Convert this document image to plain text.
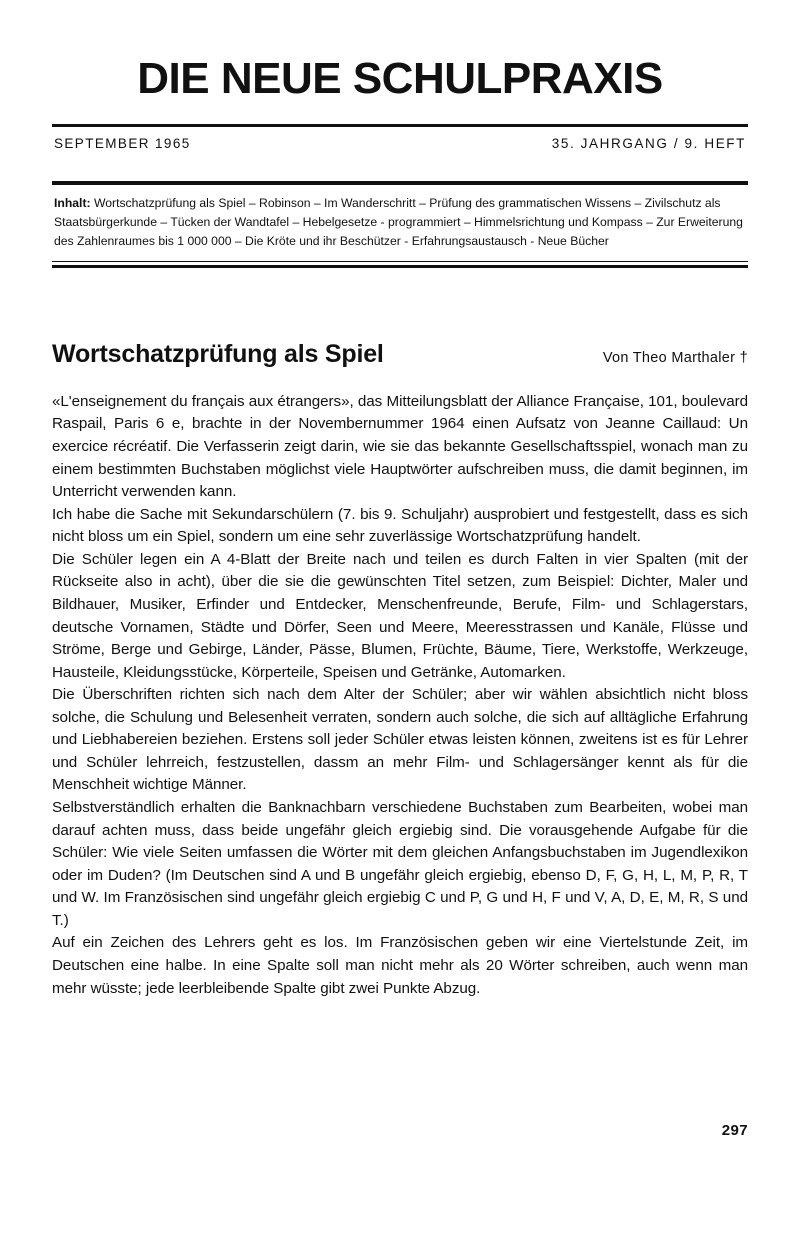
DIE NEUE SCHULPRAXIS
SEPTEMBER 1965	35. JAHRGANG / 9. HEFT
Inhalt: Wortschatzprüfung als Spiel – Robinson – Im Wanderschritt – Prüfung des grammatischen Wissens – Zivilschutz als Staatsbürgerkunde – Tücken der Wandtafel – Hebelgesetze - programmiert – Himmelsrichtung und Kompass – Zur Erweiterung des Zahlenraumes bis 1 000 000 – Die Kröte und ihr Beschützer - Erfahrungsaustausch - Neue Bücher
Wortschatzprüfung als Spiel	Von Theo Marthaler †

«L'enseignement du français aux étrangers», das Mitteilungsblatt der Alliance Française, 101, boulevard Raspail, Paris 6 e, brachte in der Novembernummer 1964 einen Aufsatz von Jeanne Caillaud: Un exercice récréatif. Die Verfasserin zeigt darin, wie sie das bekannte Gesellschaftsspiel, wonach man zu einem bestimmten Buchstaben möglichst viele Hauptwörter aufschreiben muss, die damit beginnen, im Unterricht verwenden kann.

Ich habe die Sache mit Sekundarschülern (7. bis 9. Schuljahr) ausprobiert und festgestellt, dass es sich nicht bloss um ein Spiel, sondern um eine sehr zuverlässige Wortschatzprüfung handelt.

Die Schüler legen ein A 4-Blatt der Breite nach und teilen es durch Falten in vier Spalten (mit der Rückseite also in acht), über die sie die gewünschten Titel setzen, zum Beispiel: Dichter, Maler und Bildhauer, Musiker, Erfinder und Entdecker, Menschenfreunde, Berufe, Film- und Schlagerstars, deutsche Vornamen, Städte und Dörfer, Seen und Meere, Meeresstrassen und Kanäle, Flüsse und Ströme, Berge und Gebirge, Länder, Pässe, Blumen, Früchte, Bäume, Tiere, Werkstoffe, Werkzeuge, Hausteile, Kleidungsstücke, Körperteile, Speisen und Getränke, Automarken.

Die Überschriften richten sich nach dem Alter der Schüler; aber wir wählen absichtlich nicht bloss solche, die Schulung und Belesenheit verraten, sondern auch solche, die sich auf alltägliche Erfahrung und Liebhabereien beziehen. Erstens soll jeder Schüler etwas leisten können, zweitens ist es für Lehrer und Schüler lehrreich, festzustellen, dassm an mehr Film- und Schlagersänger kennt als für die Menschheit wichtige Männer.

Selbstverständlich erhalten die Banknachbarn verschiedene Buchstaben zum Bearbeiten, wobei man darauf achten muss, dass beide ungefähr gleich ergiebig sind. Die vorausgehende Aufgabe für die Schüler: Wie viele Seiten umfassen die Wörter mit dem gleichen Anfangsbuchstaben im Jugendlexikon oder im Duden? (Im Deutschen sind A und B ungefähr gleich ergiebig, ebenso D, F, G, H, L, M, P, R, T und W. Im Französischen sind ungefähr gleich ergiebig C und P, G und H, F und V, A, D, E, M, R, S und T.)

Auf ein Zeichen des Lehrers geht es los. Im Französischen geben wir eine Viertelstunde Zeit, im Deutschen eine halbe. In eine Spalte soll man nicht mehr als 20 Wörter schreiben, auch wenn man mehr wüsste; jede leerbleibende Spalte gibt zwei Punkte Abzug.

297
